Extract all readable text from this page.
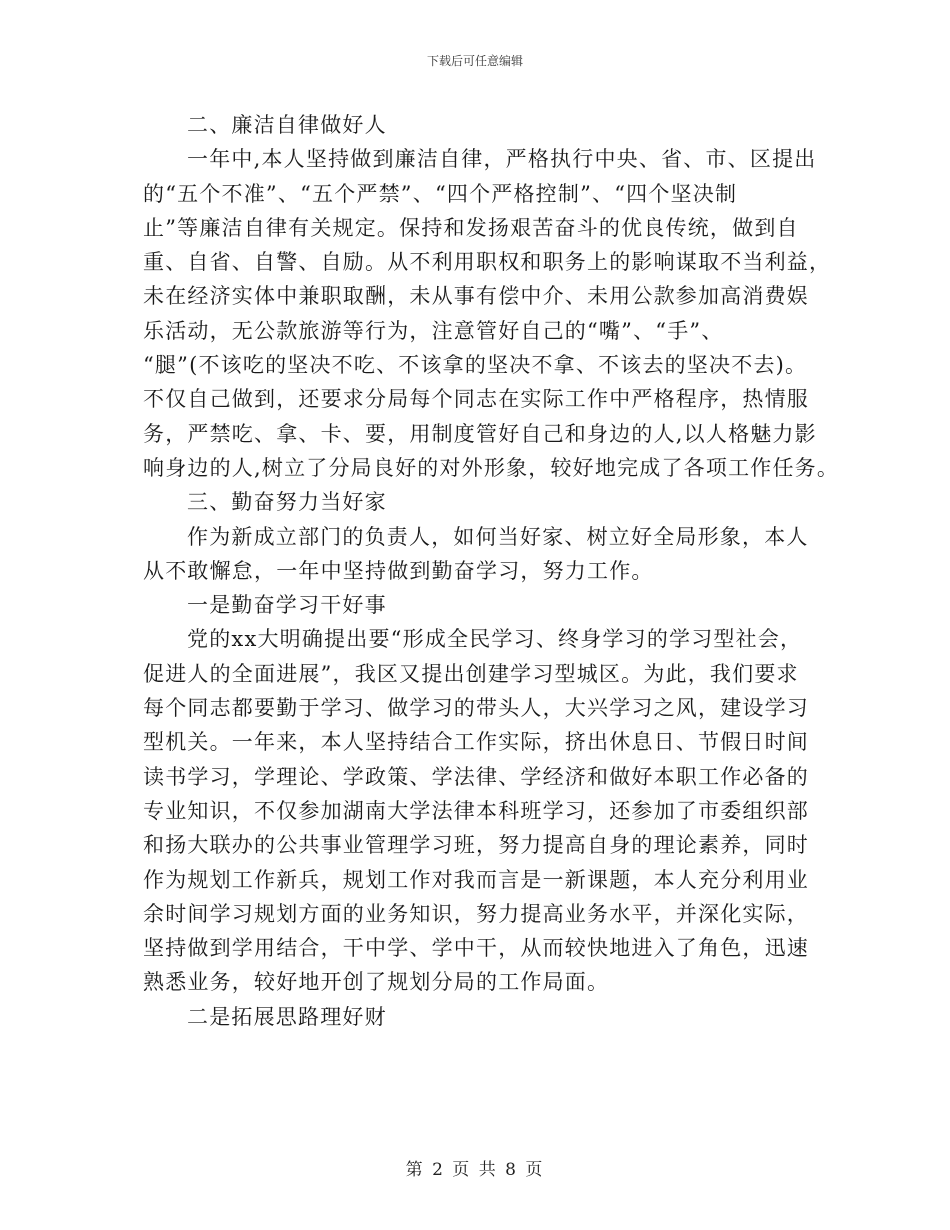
下载后可任意编辑
二、廉洁自律做好人
一年中,本人坚持做到廉洁自律，严格执行中央、省、市、区提出
的“五个不准”、“五个严禁”、“四个严格控制”、“四个坚决制
止”等廉洁自律有关规定。保持和发扬艰苦奋斗的优良传统，做到自
重、自省、自警、自励。从不利用职权和职务上的影响谋取不当利益，
未在经济实体中兼职取酬，未从事有偿中介、未用公款参加高消费娱
乐活动，无公款旅游等行为，注意管好自己的“嘴”、“手”、
“腿”(不该吃的坚决不吃、不该拿的坚决不拿、不该去的坚决不去)。
不仅自己做到，还要求分局每个同志在实际工作中严格程序，热情服
务，严禁吃、拿、卡、要，用制度管好自己和身边的人,以人格魅力影
响身边的人,树立了分局良好的对外形象，较好地完成了各项工作任务。
三、勤奋努力当好家
作为新成立部门的负责人，如何当好家、树立好全局形象，本人
从不敢懈怠，一年中坚持做到勤奋学习，努力工作。
一是勤奋学习干好事
党的xx大明确提出要“形成全民学习、终身学习的学习型社会，
促进人的全面进展”，我区又提出创建学习型城区。为此，我们要求
每个同志都要勤于学习、做学习的带头人，大兴学习之风，建设学习
型机关。一年来，本人坚持结合工作实际，挤出休息日、节假日时间
读书学习，学理论、学政策、学法律、学经济和做好本职工作必备的
专业知识，不仅参加湖南大学法律本科班学习，还参加了市委组织部
和扬大联办的公共事业管理学习班，努力提高自身的理论素养，同时
作为规划工作新兵，规划工作对我而言是一新课题，本人充分利用业
余时间学习规划方面的业务知识，努力提高业务水平，并深化实际，
坚持做到学用结合，干中学、学中干，从而较快地进入了角色，迅速
熟悉业务，较好地开创了规划分局的工作局面。
二是拓展思路理好财
第 2 页 共 8 页
